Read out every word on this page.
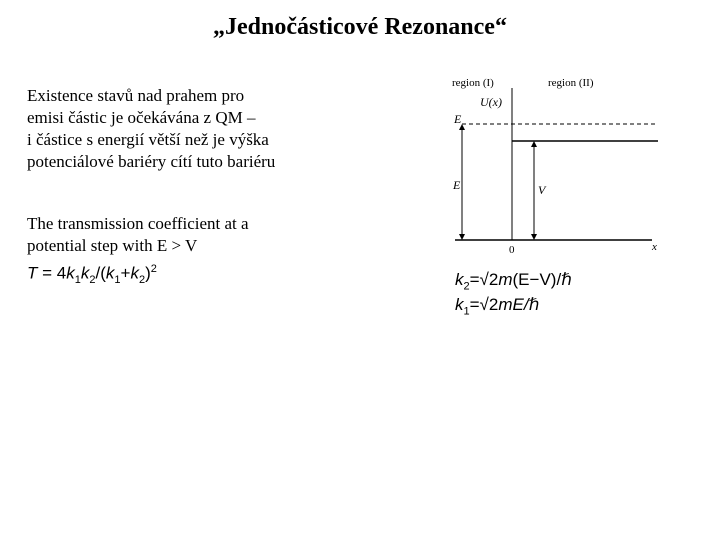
„Jednočásticové Rezonance“
Existence stavů nad prahem pro
emisi částic je očekávána z QM –
i částice s energií větší než je výška
potenciálové bariéry cítí tuto bariéru
The transmission coefficient at a
potential step with E > V
$T = 4k_1k_2/(k_1+k_2)^2$
$k_2=√2m(E-V)/\hbar$
$k_1=√2mE/\hbar$
region (I)	region (II)
U(x)
E
E	V
0	x
